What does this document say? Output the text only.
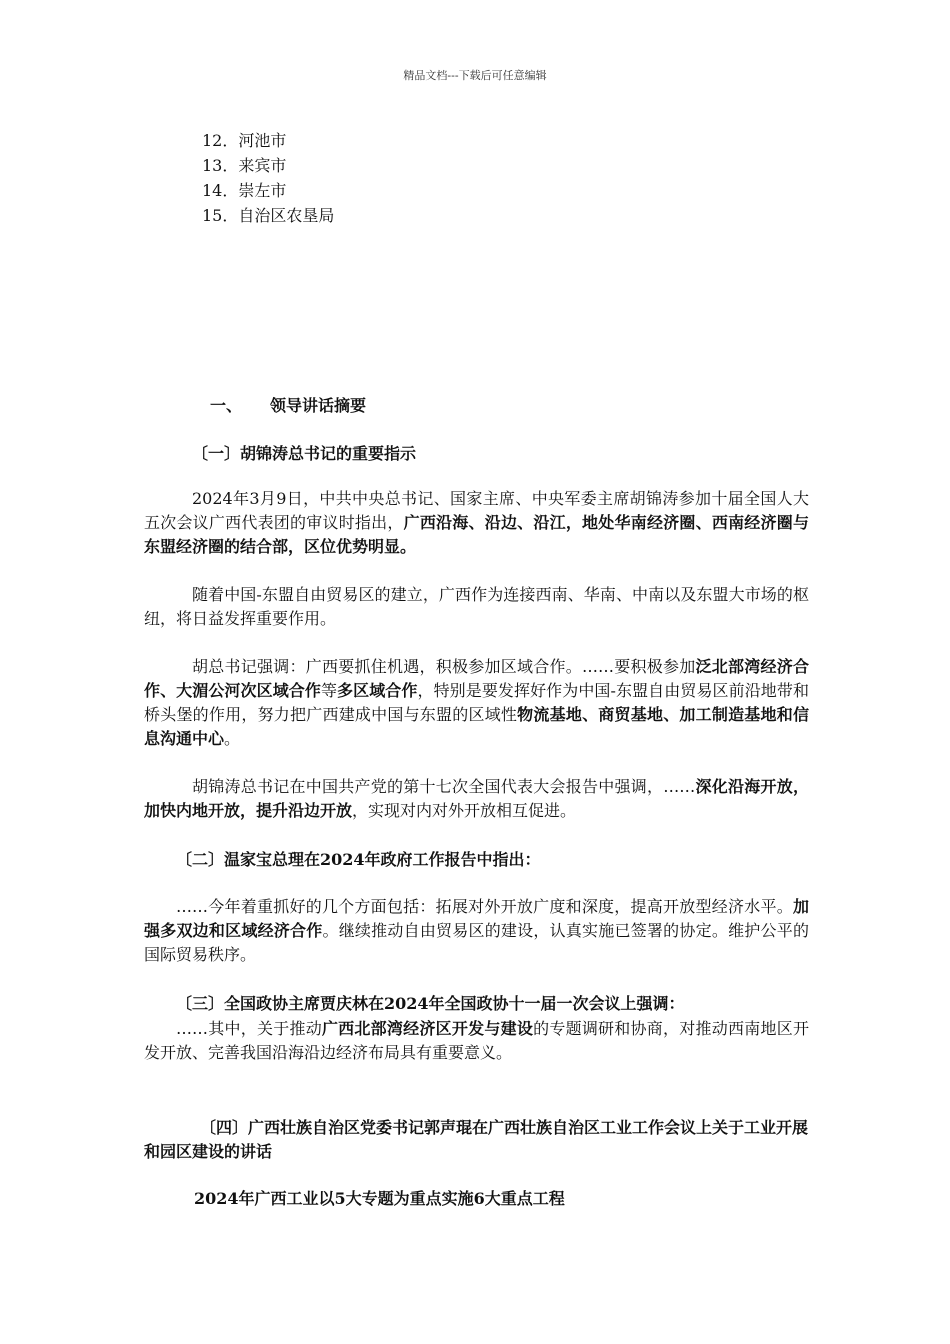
精品文档---下载后可任意编辑
12．河池市
13．来宾市
14．崇左市
15．自治区农垦局
一、 领导讲话摘要
〔一〕胡锦涛总书记的重要指示
2024年3月9日，中共中央总书记、国家主席、中央军委主席胡锦涛参加十届全国人大五次会议广西代表团的审议时指出，广西沿海、沿边、沿江，地处华南经济圈、西南经济圈与东盟经济圈的结合部，区位优势明显。
随着中国-东盟自由贸易区的建立，广西作为连接西南、华南、中南以及东盟大市场的枢纽，将日益发挥重要作用。
胡总书记强调：广西要抓住机遇，积极参加区域合作。……要积极参加泛北部湾经济合作、大湄公河次区域合作等多区域合作，特别是要发挥好作为中国-东盟自由贸易区前沿地带和桥头堡的作用，努力把广西建成中国与东盟的区域性物流基地、商贸基地、加工制造基地和信息沟通中心。
胡锦涛总书记在中国共产党的第十七次全国代表大会报告中强调，……深化沿海开放，加快内地开放，提升沿边开放，实现对内对外开放相互促进。
〔二〕温家宝总理在2024年政府工作报告中指出：
……今年着重抓好的几个方面包括：拓展对外开放广度和深度，提高开放型经济水平。加强多双边和区域经济合作。继续推动自由贸易区的建设，认真实施已签署的协定。维护公平的国际贸易秩序。
〔三〕全国政协主席贾庆林在2024年全国政协十一届一次会议上强调：
……其中，关于推动广西北部湾经济区开发与建设的专题调研和协商，对推动西南地区开发开放、完善我国沿海沿边经济布局具有重要意义。
〔四〕广西壮族自治区党委书记郭声琨在广西壮族自治区工业工作会议上关于工业开展和园区建设的讲话
2024年广西工业以5大专题为重点实施6大重点工程
